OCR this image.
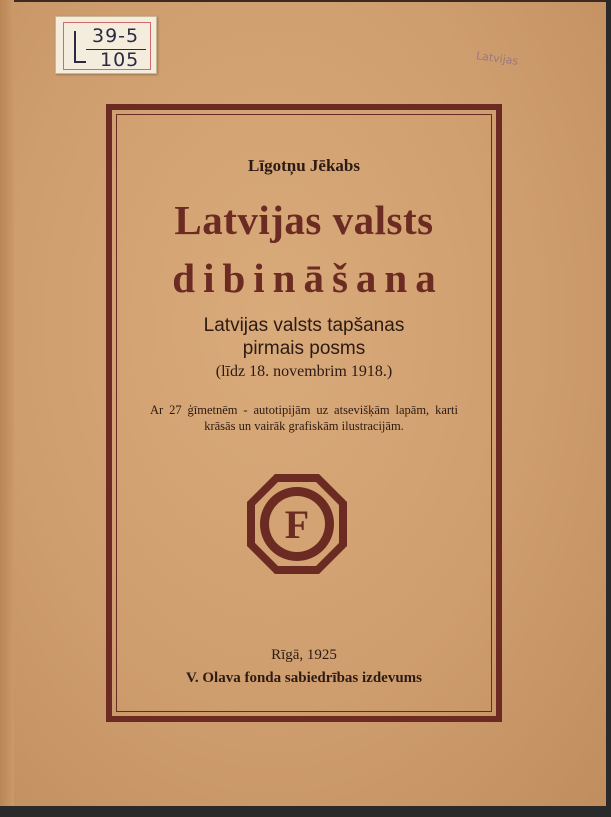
39-5
105	Latvijas
Līgotņu Jēkabs
Latvijas valsts
dibināšana
Latvijas valsts tapšanas
pirmais posms
(līdz 18. novembrim 1918.)
Ar 27 ģīmetnēm - autotipijām uz atsevišķām lapām, karti krāsās un vairāk grafiskām ilustracijām.
F
Rīgā, 1925
V. Olava fonda sabiedrības izdevums
